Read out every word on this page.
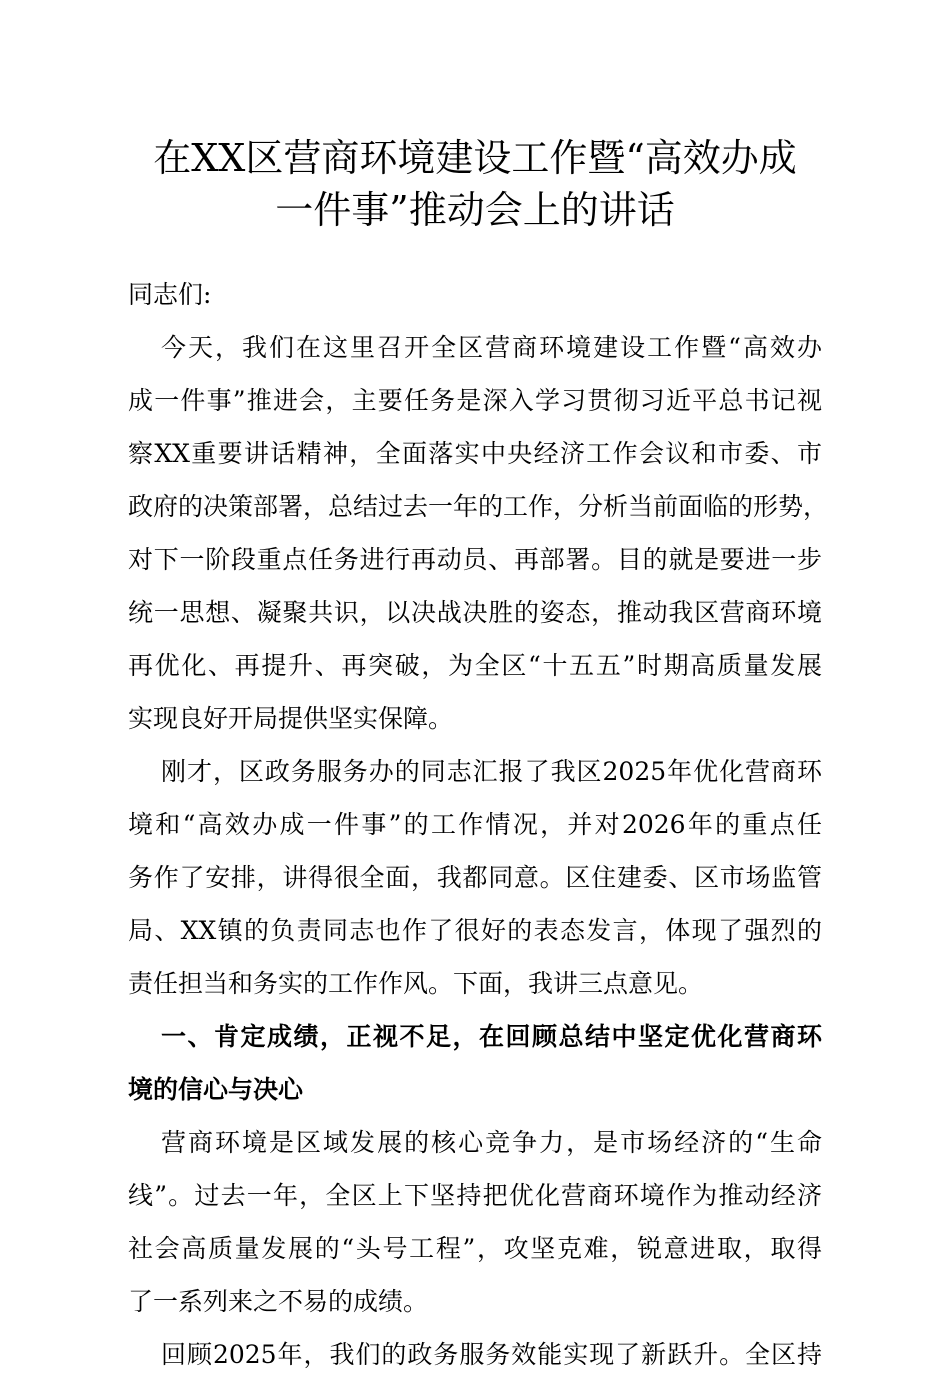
在XX区营商环境建设工作暨“高效办成
一件事”推动会上的讲话
同志们:
今天，我们在这里召开全区营商环境建设工作暨“高效办
成一件事”推进会，主要任务是深入学习贯彻习近平总书记视
察XX重要讲话精神，全面落实中央经济工作会议和市委、市
政府的决策部署，总结过去一年的工作，分析当前面临的形势，
对下一阶段重点任务进行再动员、再部署。目的就是要进一步
统一思想、凝聚共识，以决战决胜的姿态，推动我区营商环境
再优化、再提升、再突破，为全区“十五五”时期高质量发展
实现良好开局提供坚实保障。
刚才，区政务服务办的同志汇报了我区2025年优化营商环
境和“高效办成一件事”的工作情况，并对2026年的重点任
务作了安排，讲得很全面，我都同意。区住建委、区市场监管
局、XX镇的负责同志也作了很好的表态发言，体现了强烈的
责任担当和务实的工作作风。下面，我讲三点意见。
一、肯定成绩，正视不足，在回顾总结中坚定优化营商环
境的信心与决心
营商环境是区域发展的核心竞争力，是市场经济的“生命
线”。过去一年，全区上下坚持把优化营商环境作为推动经济
社会高质量发展的“头号工程”，攻坚克难，锐意进取，取得
了一系列来之不易的成绩。
回顾2025年，我们的政务服务效能实现了新跃升。全区持
